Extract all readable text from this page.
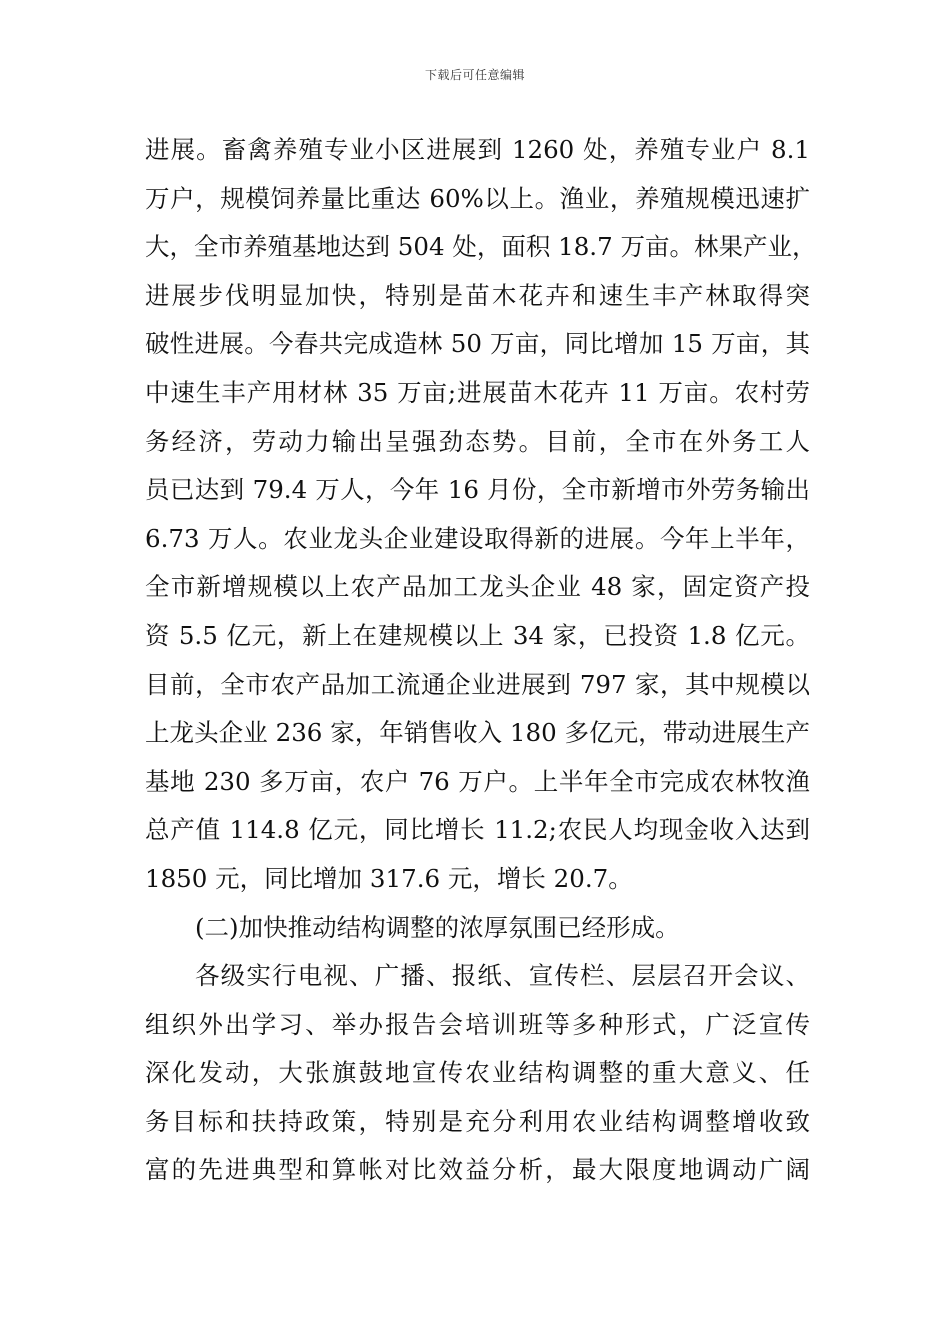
下载后可任意编辑
进展。畜禽养殖专业小区进展到 1260 处，养殖专业户 8.1
万户，规模饲养量比重达 60%以上。渔业，养殖规模迅速扩
大，全市养殖基地达到 504 处，面积 18.7 万亩。林果产业，
进展步伐明显加快，特别是苗木花卉和速生丰产林取得突
破性进展。今春共完成造林 50 万亩，同比增加 15 万亩，其
中速生丰产用材林 35 万亩;进展苗木花卉 11 万亩。农村劳
务经济，劳动力输出呈强劲态势。目前，全市在外务工人
员已达到 79.4 万人，今年 16 月份，全市新增市外劳务输出
6.73 万人。农业龙头企业建设取得新的进展。今年上半年，
全市新增规模以上农产品加工龙头企业 48 家，固定资产投
资 5.5 亿元，新上在建规模以上 34 家，已投资 1.8 亿元。
目前，全市农产品加工流通企业进展到 797 家，其中规模以
上龙头企业 236 家，年销售收入 180 多亿元，带动进展生产
基地 230 多万亩，农户 76 万户。上半年全市完成农林牧渔
总产值 114.8 亿元，同比增长 11.2;农民人均现金收入达到
1850 元，同比增加 317.6 元，增长 20.7。
(二)加快推动结构调整的浓厚氛围已经形成。
各级实行电视、广播、报纸、宣传栏、层层召开会议、
组织外出学习、举办报告会培训班等多种形式，广泛宣传
深化发动，大张旗鼓地宣传农业结构调整的重大意义、任
务目标和扶持政策，特别是充分利用农业结构调整增收致
富的先进典型和算帐对比效益分析，最大限度地调动广阔
